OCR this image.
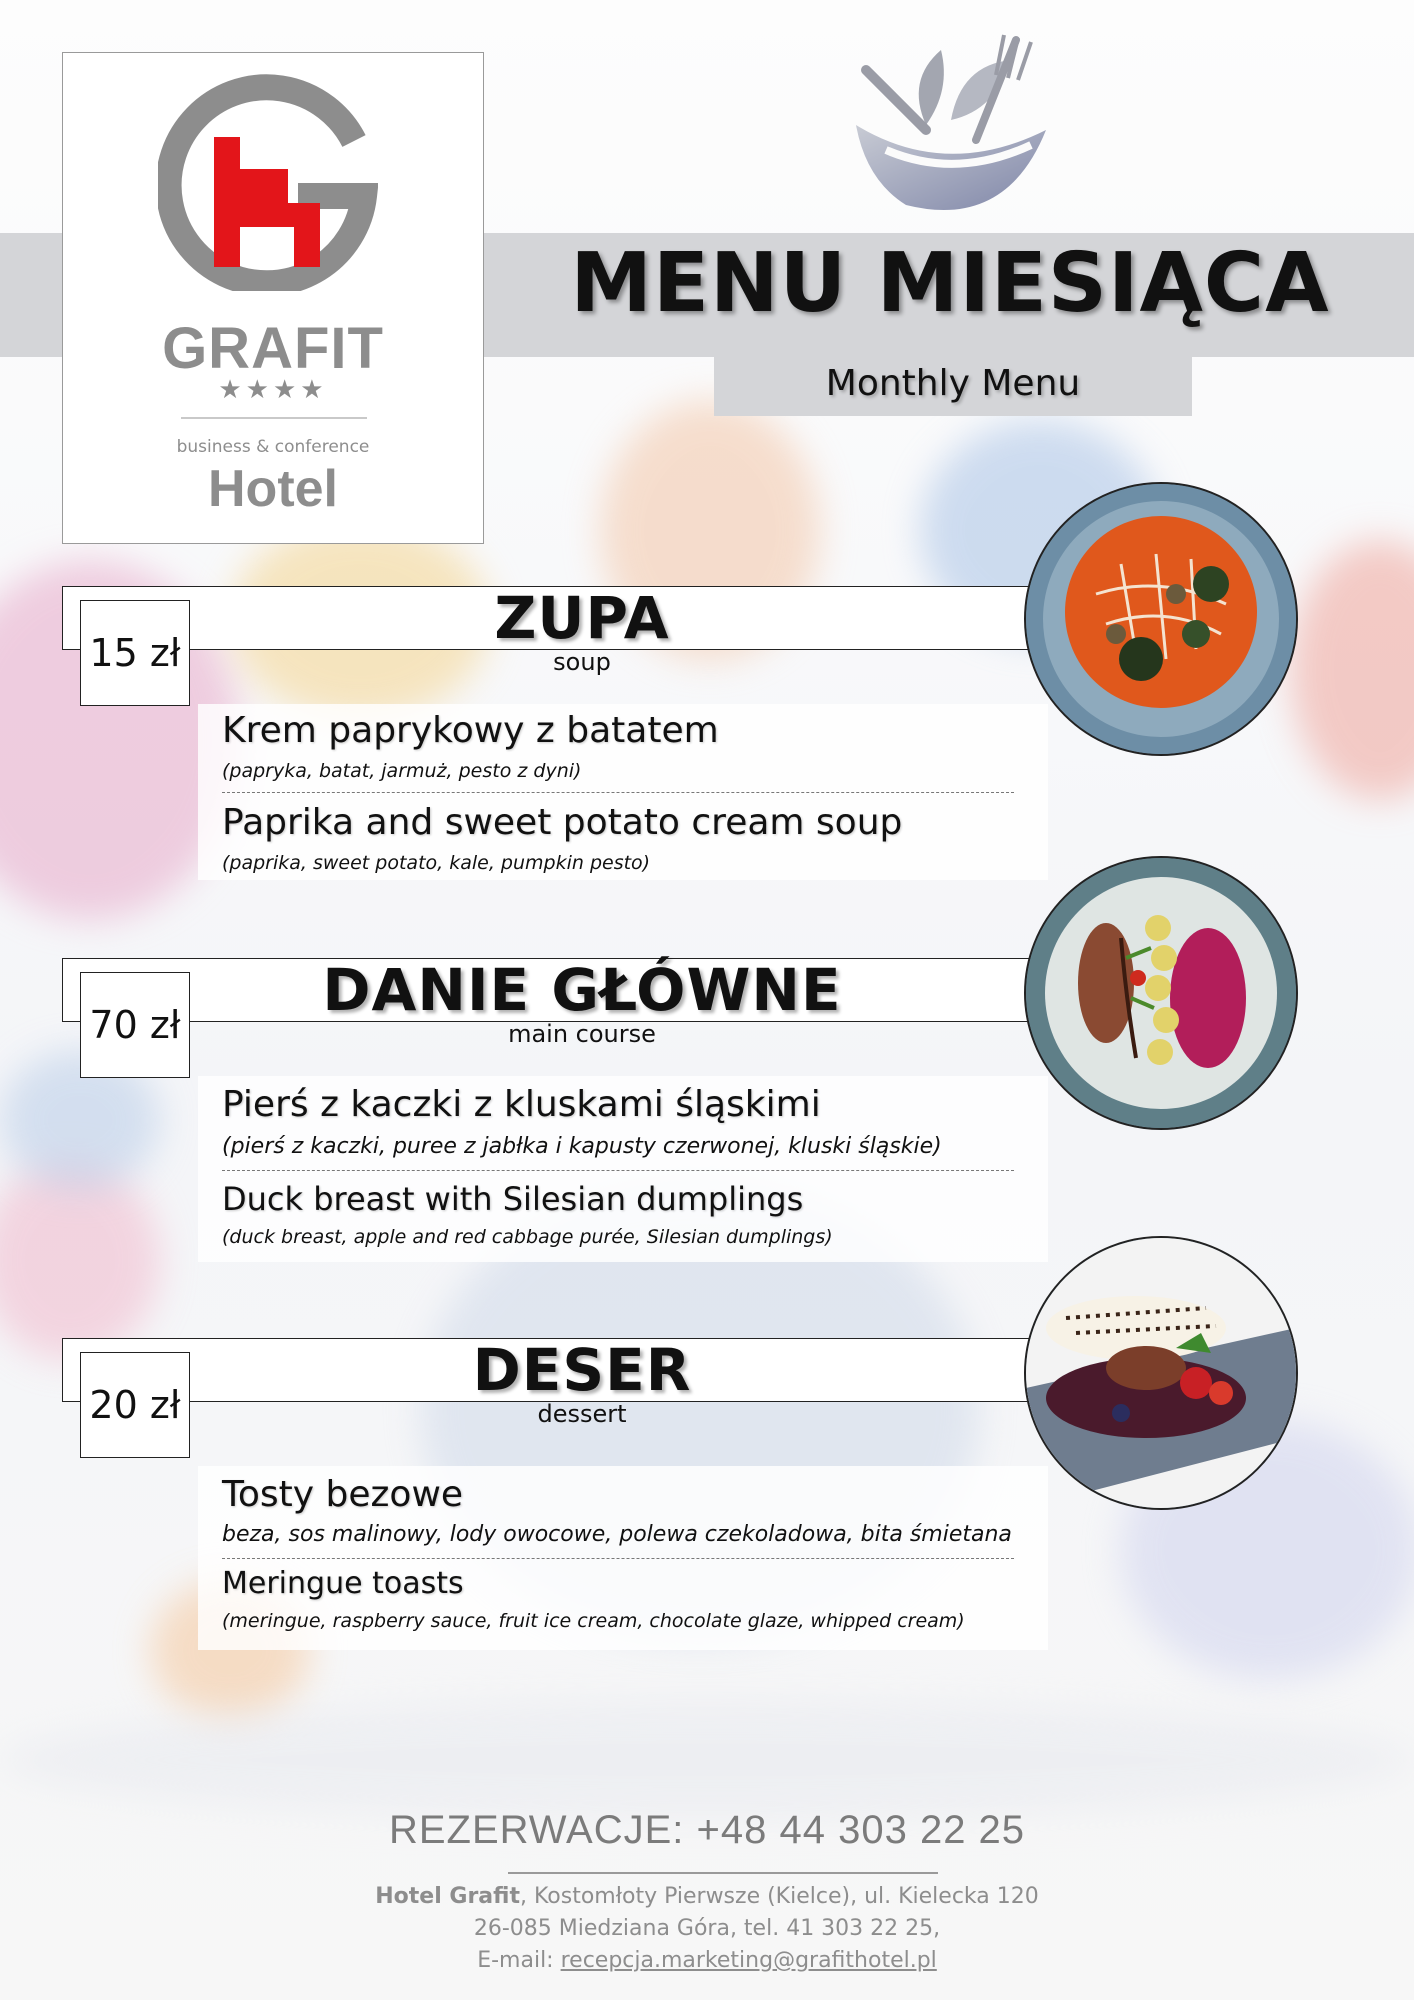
GRAFIT
★★★★
business & conference
Hotel
MENU MIESIĄCA
Monthly Menu
ZUPA
soup
15 zł
Krem paprykowy z batatem
(papryka, batat, jarmuż, pesto z dyni)
Paprika and sweet potato cream soup
(paprika, sweet potato, kale, pumpkin pesto)
DANIE GŁÓWNE
main course
70 zł
Pierś z kaczki z kluskami śląskimi
(pierś z kaczki, puree z jabłka i kapusty czerwonej, kluski śląskie)
Duck breast with Silesian dumplings
(duck breast, apple and red cabbage purée, Silesian dumplings)
DESER
dessert
20 zł
Tosty bezowe
beza, sos malinowy, lody owocowe, polewa czekoladowa, bita śmietana
Meringue toasts
(meringue, raspberry sauce, fruit ice cream, chocolate glaze, whipped cream)
REZERWACJE: +48 44 303 22 25
Hotel Grafit, Kostomłoty Pierwsze (Kielce), ul. Kielecka 120
26-085 Miedziana Góra, tel. 41 303 22 25,
E-mail: recepcja.marketing@grafithotel.pl
